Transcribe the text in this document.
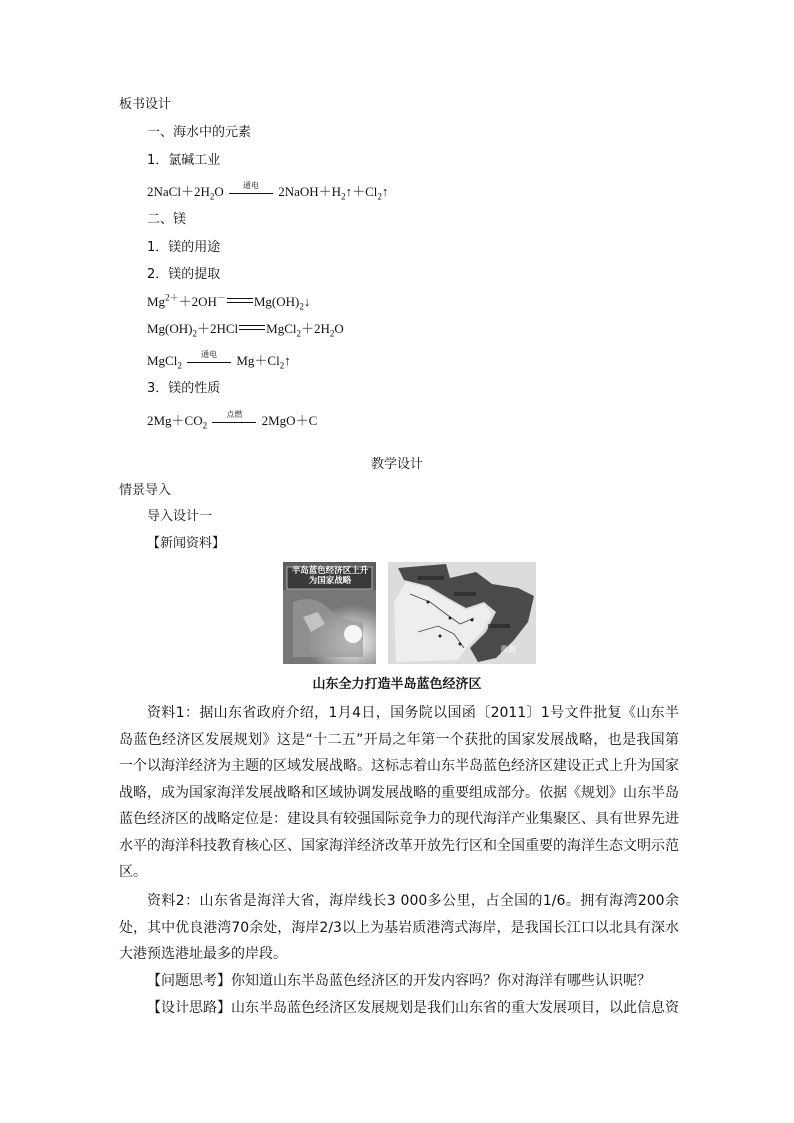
板书设计
一、海水中的元素
1．氯碱工业
$2NaCl+2H_2O$	通电	$2NaOH+H_2↑+Cl_2↑$
二、镁
1．镁的用途
2．镁的提取
$Mg^{2+}+2OH^-$ $Mg(OH)_2↓$
$Mg(OH)_2+2HCl$ $MgCl_2+2H_2O$
MgCl$_2$
通电	$Mg+Cl_2↑$
3．镁的性质
$2Mg+CO_2$
点燃	2MgO＋C
教学设计
情景导入
导入设计一
【新闻资料】
半岛蓝色经济区上升为国家战略
黄海
山东全力打造半岛蓝色经济区
资料1：据山东省政府介绍，1月4日，国务院以国函〔2011〕1号文件批复《山东半岛蓝色经济区发展规划》这是“十二五”开局之年第一个获批的国家发展战略，也是我国第一个以海洋经济为主题的区域发展战略。这标志着山东半岛蓝色经济区建设正式上升为国家战略，成为国家海洋发展战略和区域协调发展战略的重要组成部分。依据《规划》山东半岛蓝色经济区的战略定位是：建设具有较强国际竞争力的现代海洋产业集聚区、具有世界先进水平的海洋科技教育核心区、国家海洋经济改革开放先行区和全国重要的海洋生态文明示范区。
资料2：山东省是海洋大省，海岸线长3 000多公里，占全国的1/6。拥有海湾200余处，其中优良港湾70余处，海岸2/3以上为基岩质港湾式海岸，是我国长江口以北具有深水大港预选港址最多的岸段。
【问题思考】你知道山东半岛蓝色经济区的开发内容吗？你对海洋有哪些认识呢？
【设计思路】山东半岛蓝色经济区发展规划是我们山东省的重大发展项目，以此信息资
